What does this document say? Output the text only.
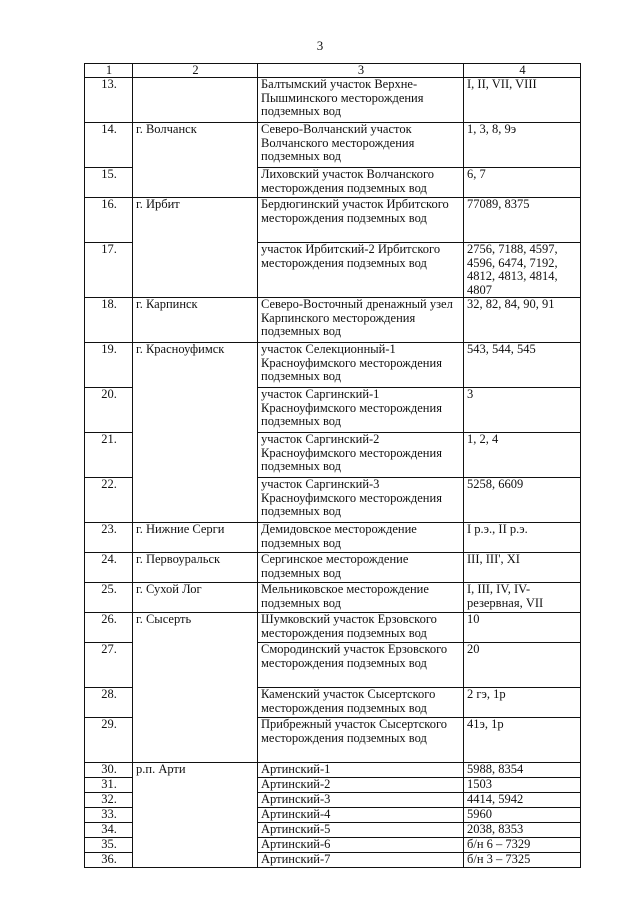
3
1	2	3	4
13.		Балтымский участок Верхне-Пышминского месторождения подземных вод	I, II, VII, VIII
14.	г. Волчанск	Северо-Волчанский участок Волчанского месторождения подземных вод	1, 3, 8, 9э
15.		Лиховский участок Волчанского месторождения подземных вод	6, 7
16.	г. Ирбит	Бердюгинский участок Ирбитского месторождения подземных вод	77089, 8375
17.		участок Ирбитский-2 Ирбитского месторождения подземных вод	2756, 7188, 4597, 4596, 6474, 7192, 4812, 4813, 4814, 4807
18.	г. Карпинск	Северо-Восточный дренажный узел Карпинского месторождения подземных вод	32, 82, 84, 90, 91
19.	г. Красноуфимск	участок Селекционный-1 Красноуфимского месторождения подземных вод	543, 544, 545
20.		участок Саргинский-1 Красноуфимского месторождения подземных вод	3
21.		участок Саргинский-2 Красноуфимского месторождения подземных вод	1, 2, 4
22.		участок Саргинский-3 Красноуфимского месторождения подземных вод	5258, 6609
23.	г. Нижние Серги	Демидовское месторождение подземных вод	I р.э., II р.э.
24.	г. Первоуральск	Сергинское месторождение подземных вод	III, III', XI
25.	г. Сухой Лог	Мельниковское месторождение подземных вод	I, III, IV, IV-резервная, VII
26.	г. Сысерть	Шумковский участок Ерзовского месторождения подземных вод	10
27.		Смородинский участок Ерзовского месторождения подземных вод	20
28.		Каменский участок Сысертского месторождения подземных вод	2 гэ, 1р
29.		Прибрежный участок Сысертского месторождения подземных вод	41э, 1р
30.	р.п. Арти	Артинский-1	5988, 8354
31.		Артинский-2	1503
32.		Артинский-3	4414, 5942
33.		Артинский-4	5960
34.		Артинский-5	2038, 8353
35.		Артинский-6	б/н 6 – 7329
36.		Артинский-7	б/н 3 – 7325
